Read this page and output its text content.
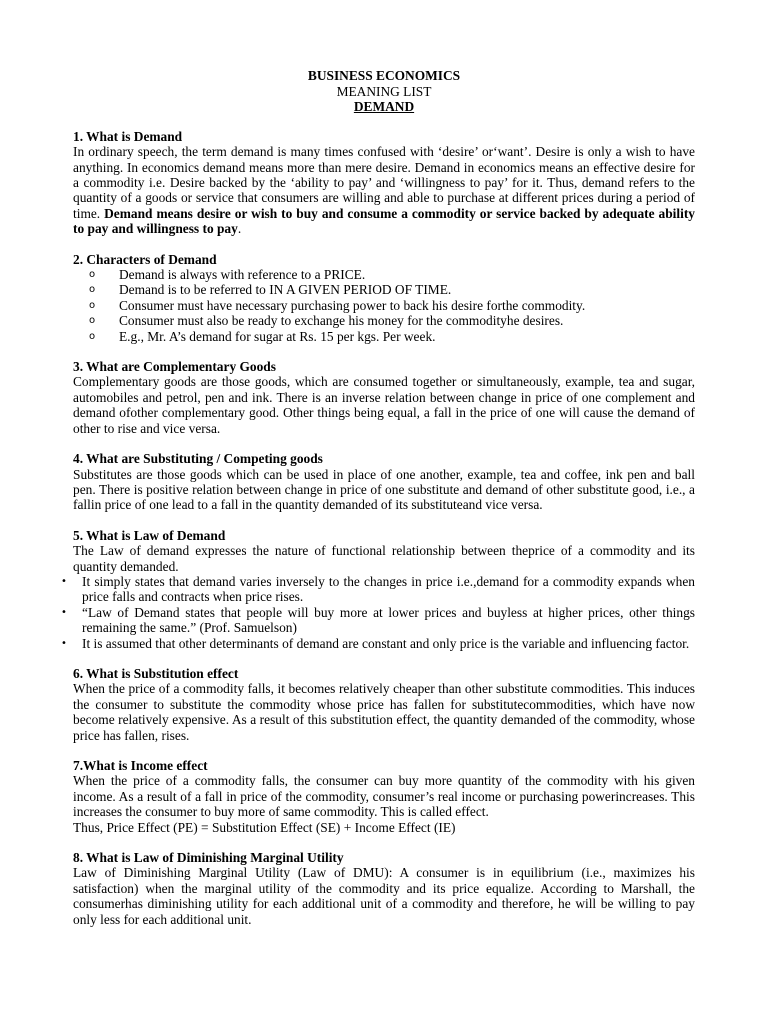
BUSINESS ECONOMICS
MEANING LIST
DEMAND
1. What is Demand
In ordinary speech, the term demand is many times confused with ‘desire’ or‘want’. Desire is only a wish to have anything. In economics demand means more than mere desire. Demand in economics means an effective desire for a commodity i.e. Desire backed by the ‘ability to pay’ and ‘willingness to pay’ for it. Thus, demand refers to the quantity of a goods or service that consumers are willing and able to purchase at different prices during a period of time. Demand means desire or wish to buy and consume a commodity or service backed by adequate ability to pay and willingness to pay.
2. Characters of Demand
o Demand is always with reference to a PRICE.
o Demand is to be referred to IN A GIVEN PERIOD OF TIME.
o Consumer must have necessary purchasing power to back his desire forthe commodity.
o Consumer must also be ready to exchange his money for the commodityhe desires.
o E.g., Mr. A’s demand for sugar at Rs. 15 per kgs. Per week.
3. What are Complementary Goods
Complementary goods are those goods, which are consumed together or simultaneously, example, tea and sugar, automobiles and petrol, pen and ink. There is an inverse relation between change in price of one complement and demand ofother complementary good. Other things being equal, a fall in the price of one will cause the demand of other to rise and vice versa.
4. What are Substituting / Competing goods
Substitutes are those goods which can be used in place of one another, example, tea and coffee, ink pen and ball pen. There is positive relation between change in price of one substitute and demand of other substitute good, i.e., a fallin price of one lead to a fall in the quantity demanded of its substituteand vice versa.
5. What is Law of Demand
The Law of demand expresses the nature of functional relationship between theprice of a commodity and its quantity demanded.
• It simply states that demand varies inversely to the changes in price i.e.,demand for a commodity expands when price falls and contracts when price rises.
• “Law of Demand states that people will buy more at lower prices and buyless at higher prices, other things remaining the same.” (Prof. Samuelson)
• It is assumed that other determinants of demand are constant and only price is the variable and influencing factor.
6. What is Substitution effect
When the price of a commodity falls, it becomes relatively cheaper than other substitute commodities. This induces the consumer to substitute the commodity whose price has fallen for substitutecommodities, which have now become relatively expensive. As a result of this substitution effect, the quantity demanded of the commodity, whose price has fallen, rises.
7.What is Income effect
When the price of a commodity falls, the consumer can buy more quantity of the commodity with his given income. As a result of a fall in price of the commodity, consumer’s real income or purchasing powerincreases. This increases the consumer to buy more of same commodity. This is called effect.
Thus, Price Effect (PE) = Substitution Effect (SE) + Income Effect (IE)
8. What is Law of Diminishing Marginal Utility
Law of Diminishing Marginal Utility (Law of DMU): A consumer is in equilibrium (i.e., maximizes his satisfaction) when the marginal utility of the commodity and its price equalize. According to Marshall, the consumerhas diminishing utility for each additional unit of a commodity and therefore, he will be willing to pay only less for each additional unit.
